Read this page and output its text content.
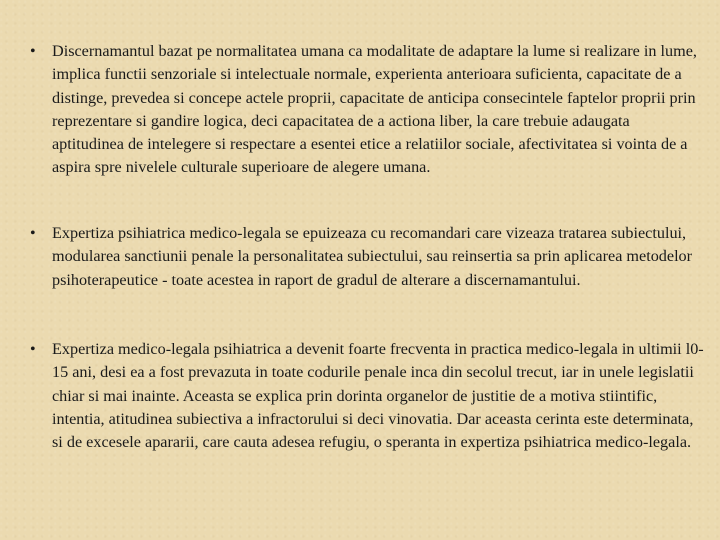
• Discernamantul bazat pe normalitatea umana ca modalitate de adaptare la lume si realizare in lume, implica functii senzoriale si intelectuale normale, experienta anterioara suficienta, capacitate de a distinge, prevedea si concepe actele proprii, capacitate de anticipa consecintele faptelor proprii prin reprezentare si gandire logica, deci capacitatea de a actiona liber, la care trebuie adaugata aptitudinea de intelegere si respectare a esentei etice a relatiilor sociale, afectivitatea si vointa de a aspira spre nivelele culturale superioare de alegere umana.
• Expertiza psihiatrica medico-legala se epuizeaza cu recomandari care vizeaza tratarea subiectului, modularea sanctiunii penale la personalitatea subiectului, sau reinsertia sa prin aplicarea metodelor psihoterapeutice - toate acestea in raport de gradul de alterare a discernamantului.
• Expertiza medico-legala psihiatrica a devenit foarte frecventa in practica medico-legala in ultimii l0-15 ani, desi ea a fost prevazuta in toate codurile penale inca din secolul trecut, iar in unele legislatii chiar si mai inainte. Aceasta se explica prin dorinta organelor de justitie de a motiva stiintific, intentia, atitudinea subiectiva a infractorului si deci vinovatia. Dar aceasta cerinta este determinata, si de excesele apararii, care cauta adesea refugiu, o speranta in expertiza psihiatrica medico-legala.
